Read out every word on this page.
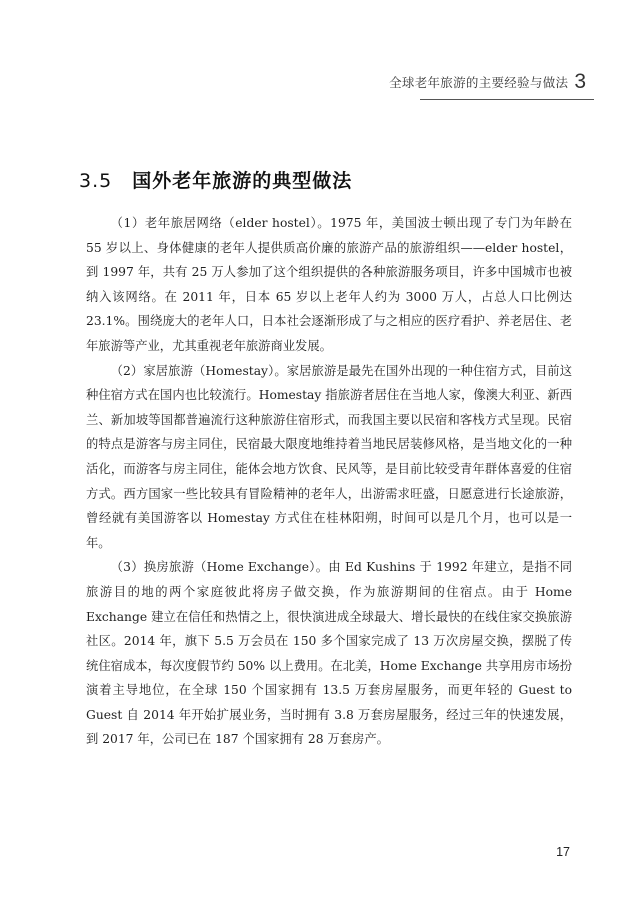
全球老年旅游的主要经验与做法 3
3.5 国外老年旅游的典型做法

（1）老年旅居网络（elder hostel）。1975 年，美国波士顿出现了专门为年龄在 55 岁以上、身体健康的老年人提供质高价廉的旅游产品的旅游组织——elder hostel，到 1997 年，共有 25 万人参加了这个组织提供的各种旅游服务项目，许多中国城市也被纳入该网络。在 2011 年，日本 65 岁以上老年人约为 3000 万人，占总人口比例达 23.1%。围绕庞大的老年人口，日本社会逐渐形成了与之相应的医疗看护、养老居住、老年旅游等产业，尤其重视老年旅游商业发展。

（2）家居旅游（Homestay）。家居旅游是最先在国外出现的一种住宿方式，目前这种住宿方式在国内也比较流行。Homestay 指旅游者居住在当地人家，像澳大利亚、新西兰、新加坡等国都普遍流行这种旅游住宿形式，而我国主要以民宿和客栈方式呈现。民宿的特点是游客与房主同住，民宿最大限度地维持着当地民居装修风格，是当地文化的一种活化，而游客与房主同住，能体会地方饮食、民风等，是目前比较受青年群体喜爱的住宿方式。西方国家一些比较具有冒险精神的老年人，出游需求旺盛，日愿意进行长途旅游，曾经就有美国游客以 Homestay 方式住在桂林阳朔，时间可以是几个月，也可以是一年。

（3）换房旅游（Home Exchange）。由 Ed Kushins 于 1992 年建立，是指不同旅游目的地的两个家庭彼此将房子做交换，作为旅游期间的住宿点。由于 Home Exchange 建立在信任和热情之上，很快演进成全球最大、增长最快的在线住家交换旅游社区。2014 年，旗下 5.5 万会员在 150 多个国家完成了 13 万次房屋交换，摆脱了传统住宿成本，每次度假节约 50% 以上费用。在北美，Home Exchange 共享用房市场扮演着主导地位，在全球 150 个国家拥有 13.5 万套房屋服务，而更年轻的 Guest to Guest 自 2014 年开始扩展业务，当时拥有 3.8 万套房屋服务，经过三年的快速发展，到 2017 年，公司已在 187 个国家拥有 28 万套房产。

17
